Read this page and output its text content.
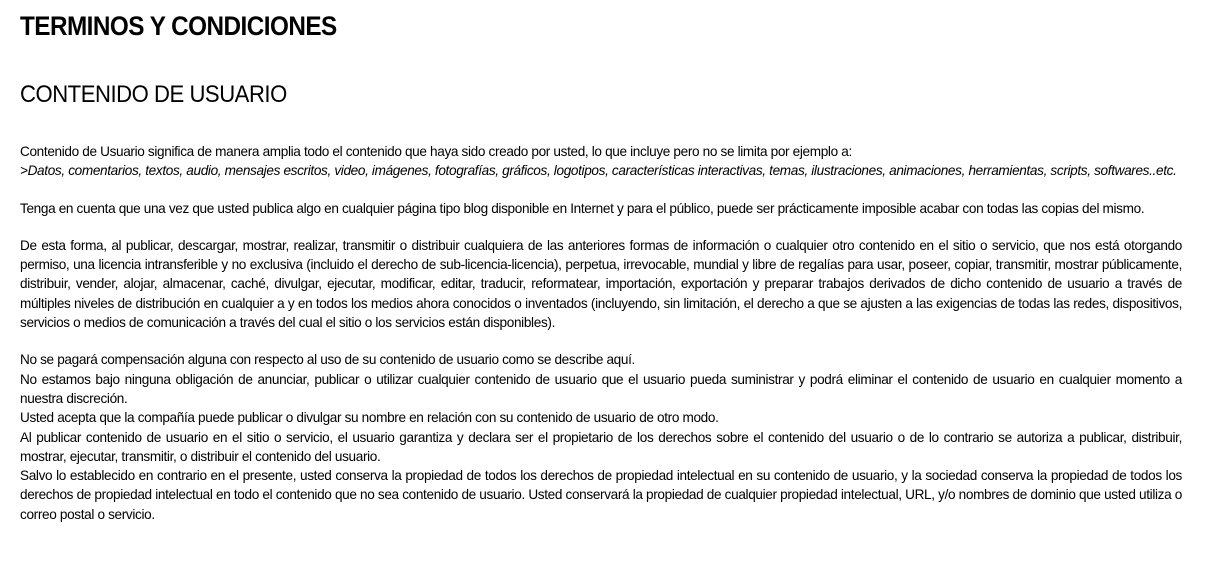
TERMINOS Y CONDICIONES
CONTENIDO DE USUARIO

Contenido de Usuario significa de manera amplia todo el contenido que haya sido creado por usted, lo que incluye pero no se limita por ejemplo a:

>Datos, comentarios, textos, audio, mensajes escritos, video, imágenes, fotografías, gráficos, logotipos, características interactivas, temas, ilustraciones, animaciones, herramientas, scripts, softwares..etc.

Tenga en cuenta que una vez que usted publica algo en cualquier página tipo blog disponible en Internet y para el público, puede ser prácticamente imposible acabar con todas las copias del mismo.

De esta forma, al publicar, descargar, mostrar, realizar, transmitir o distribuir cualquiera de las anteriores formas de información o cualquier otro contenido en el sitio o servicio, que nos está otorgando permiso, una licencia intransferible y no exclusiva (incluido el derecho de sub-licencia-licencia), perpetua, irrevocable, mundial y libre de regalías para usar, poseer, copiar, transmitir, mostrar públicamente, distribuir, vender, alojar, almacenar, caché, divulgar, ejecutar, modificar, editar, traducir, reformatear, importación, exportación y preparar trabajos derivados de dicho contenido de usuario a través de múltiples niveles de distribución en cualquier a y en todos los medios ahora conocidos o inventados (incluyendo, sin limitación, el derecho a que se ajusten a las exigencias de todas las redes, dispositivos, servicios o medios de comunicación a través del cual el sitio o los servicios están disponibles).

No se pagará compensación alguna con respecto al uso de su contenido de usuario como se describe aquí.

No estamos bajo ninguna obligación de anunciar, publicar o utilizar cualquier contenido de usuario que el usuario pueda suministrar y podrá eliminar el contenido de usuario en cualquier momento a nuestra discreción.

Usted acepta que la compañía puede publicar o divulgar su nombre en relación con su contenido de usuario de otro modo.

Al publicar contenido de usuario en el sitio o servicio, el usuario garantiza y declara ser el propietario de los derechos sobre el contenido del usuario o de lo contrario se autoriza a publicar, distribuir, mostrar, ejecutar, transmitir, o distribuir el contenido del usuario.

Salvo lo establecido en contrario en el presente, usted conserva la propiedad de todos los derechos de propiedad intelectual en su contenido de usuario, y la sociedad conserva la propiedad de todos los derechos de propiedad intelectual en todo el contenido que no sea contenido de usuario. Usted conservará la propiedad de cualquier propiedad intelectual, URL, y/o nombres de dominio que usted utiliza o correo postal o servicio.
